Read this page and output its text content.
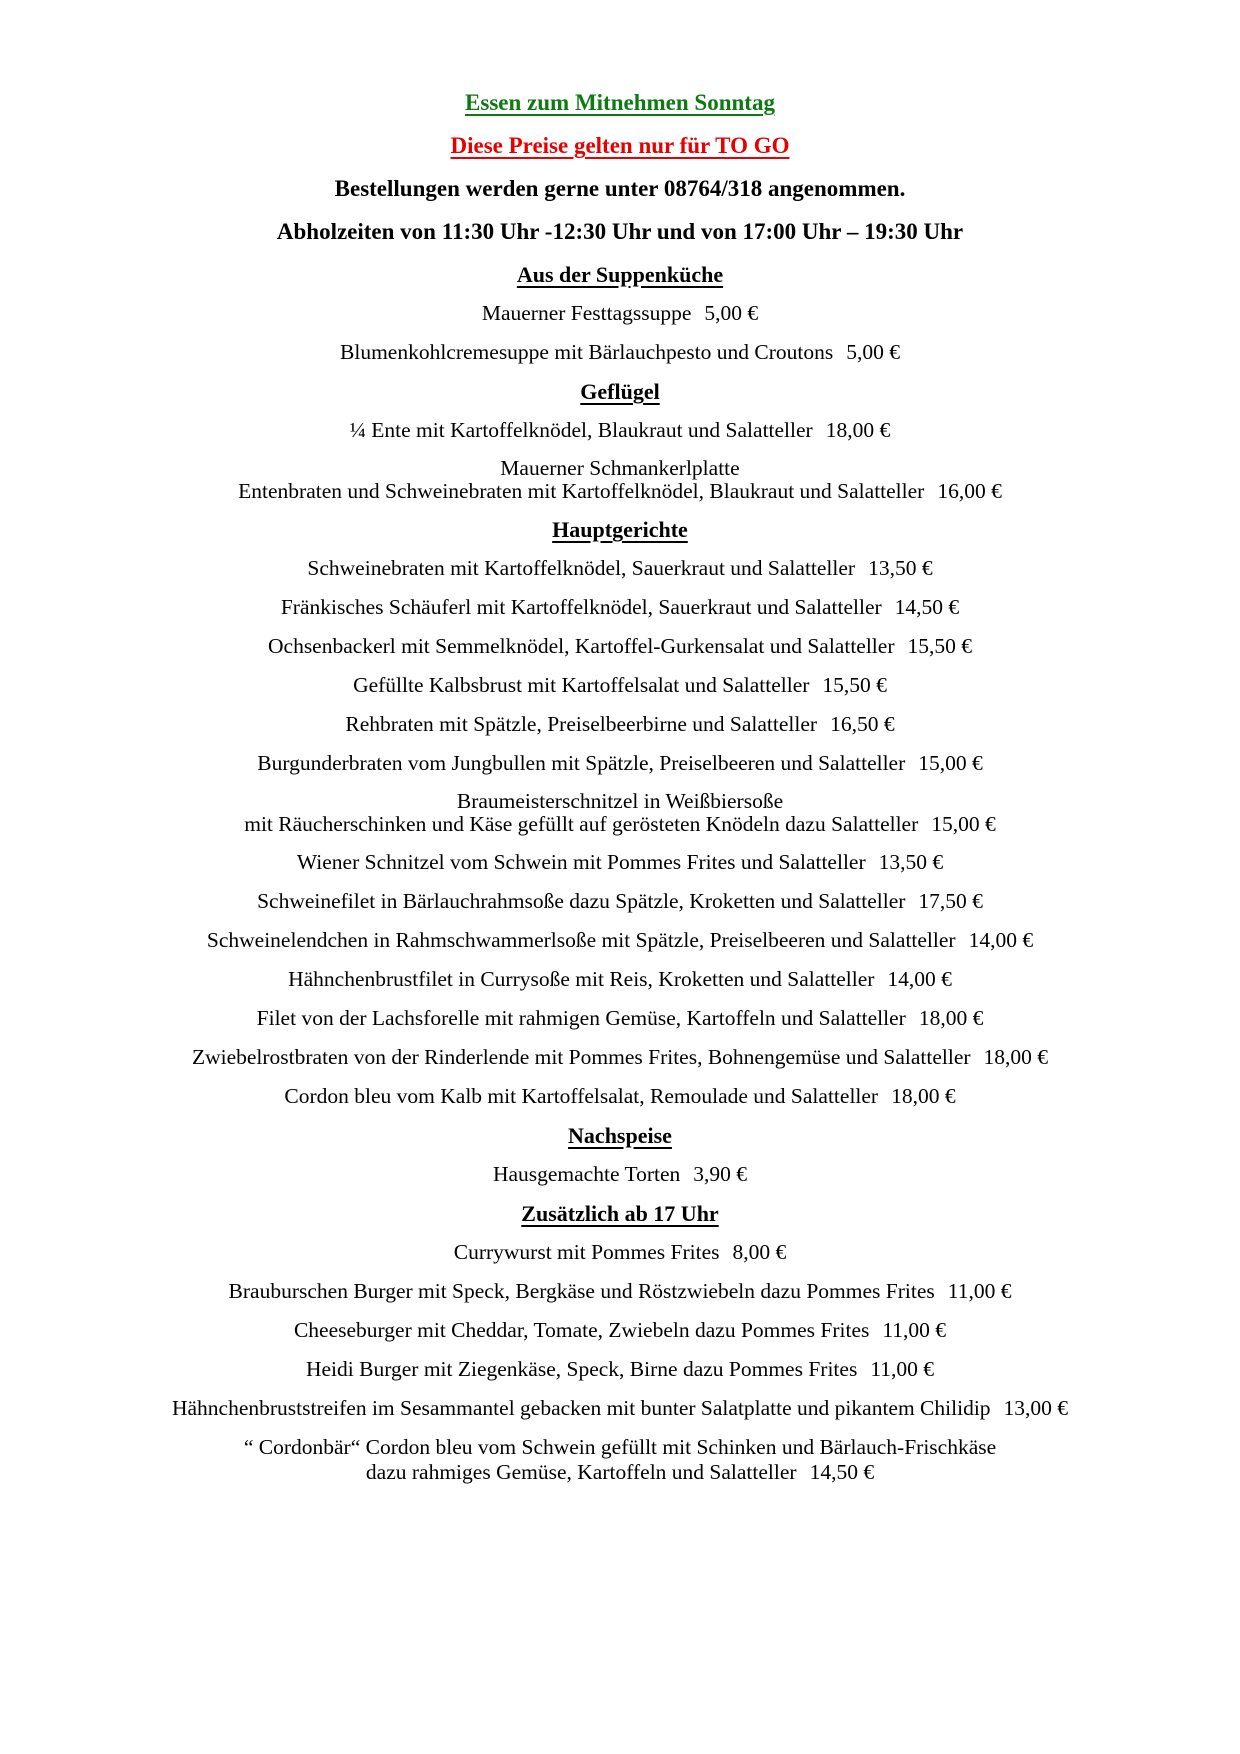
Essen zum Mitnehmen Sonntag

Diese Preise gelten nur für TO GO

Bestellungen werden gerne unter 08764/318 angenommen.

Abholzeiten von 11:30 Uhr -12:30 Uhr und von 17:00 Uhr – 19:30 Uhr

Aus der Suppenküche

Mauerner Festtagssuppe 5,00 €

Blumenkohlcremesuppe mit Bärlauchpesto und Croutons 5,00 €

Geflügel

¼ Ente mit Kartoffelknödel, Blaukraut und Salatteller 18,00 €

Mauerner Schmankerlplatte
Entenbraten und Schweinebraten mit Kartoffelknödel, Blaukraut und Salatteller 16,00 €

Hauptgerichte

Schweinebraten mit Kartoffelknödel, Sauerkraut und Salatteller 13,50 €

Fränkisches Schäuferl mit Kartoffelknödel, Sauerkraut und Salatteller 14,50 €

Ochsenbackerl mit Semmelknödel, Kartoffel-Gurkensalat und Salatteller 15,50 €

Gefüllte Kalbsbrust mit Kartoffelsalat und Salatteller 15,50 €

Rehbraten mit Spätzle, Preiselbeerbirne und Salatteller 16,50 €

Burgunderbraten vom Jungbullen mit Spätzle, Preiselbeeren und Salatteller 15,00 €

Braumeisterschnitzel in Weißbiersoße
mit Räucherschinken und Käse gefüllt auf gerösteten Knödeln dazu Salatteller 15,00 €

Wiener Schnitzel vom Schwein mit Pommes Frites und Salatteller 13,50 €

Schweinefilet in Bärlauchrahmsoße dazu Spätzle, Kroketten und Salatteller 17,50 €

Schweinelendchen in Rahmschwammerlsoße mit Spätzle, Preiselbeeren und Salatteller 14,00 €

Hähnchenbrustfilet in Currysoße mit Reis, Kroketten und Salatteller 14,00 €

Filet von der Lachsforelle mit rahmigen Gemüse, Kartoffeln und Salatteller 18,00 €

Zwiebelrostbraten von der Rinderlende mit Pommes Frites, Bohnengemüse und Salatteller 18,00 €

Cordon bleu vom Kalb mit Kartoffelsalat, Remoulade und Salatteller 18,00 €

Nachspeise

Hausgemachte Torten 3,90 €

Zusätzlich ab 17 Uhr

Currywurst mit Pommes Frites 8,00 €

Brauburschen Burger mit Speck, Bergkäse und Röstzwiebeln dazu Pommes Frites 11,00 €

Cheeseburger mit Cheddar, Tomate, Zwiebeln dazu Pommes Frites 11,00 €

Heidi Burger mit Ziegenkäse, Speck, Birne dazu Pommes Frites 11,00 €

Hähnchenbruststreifen im Sesammantel gebacken mit bunter Salatplatte und pikantem Chilidip 13,00 €

“ Cordonbär“ Cordon bleu vom Schwein gefüllt mit Schinken und Bärlauch-Frischkäse
dazu rahmiges Gemüse, Kartoffeln und Salatteller 14,50 €
